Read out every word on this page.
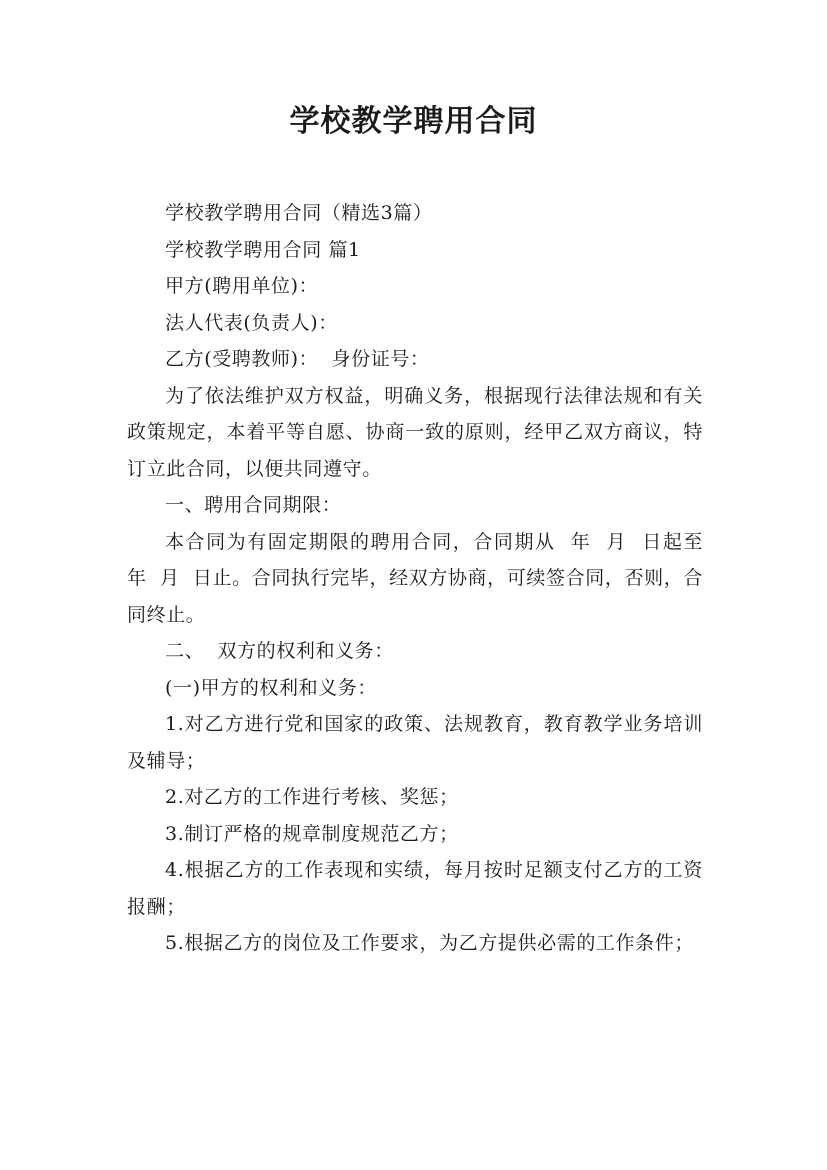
学校教学聘用合同

学校教学聘用合同（精选3篇）

学校教学聘用合同 篇1

甲方(聘用单位)：

法人代表(负责人)：

乙方(受聘教师)：  身份证号：

为了依法维护双方权益，明确义务，根据现行法律法规和有关政策规定，本着平等自愿、协商一致的原则，经甲乙双方商议，特订立此合同，以便共同遵守。

一、聘用合同期限：

本合同为有固定期限的聘用合同，合同期从  年  月  日起至  年  月  日止。合同执行完毕，经双方协商，可续签合同，否则，合同终止。

二、  双方的权利和义务：

(一)甲方的权利和义务：

1.对乙方进行党和国家的政策、法规教育，教育教学业务培训及辅导；

2.对乙方的工作进行考核、奖惩；

3.制订严格的规章制度规范乙方；

4.根据乙方的工作表现和实绩，每月按时足额支付乙方的工资报酬；

5.根据乙方的岗位及工作要求，为乙方提供必需的工作条件；
